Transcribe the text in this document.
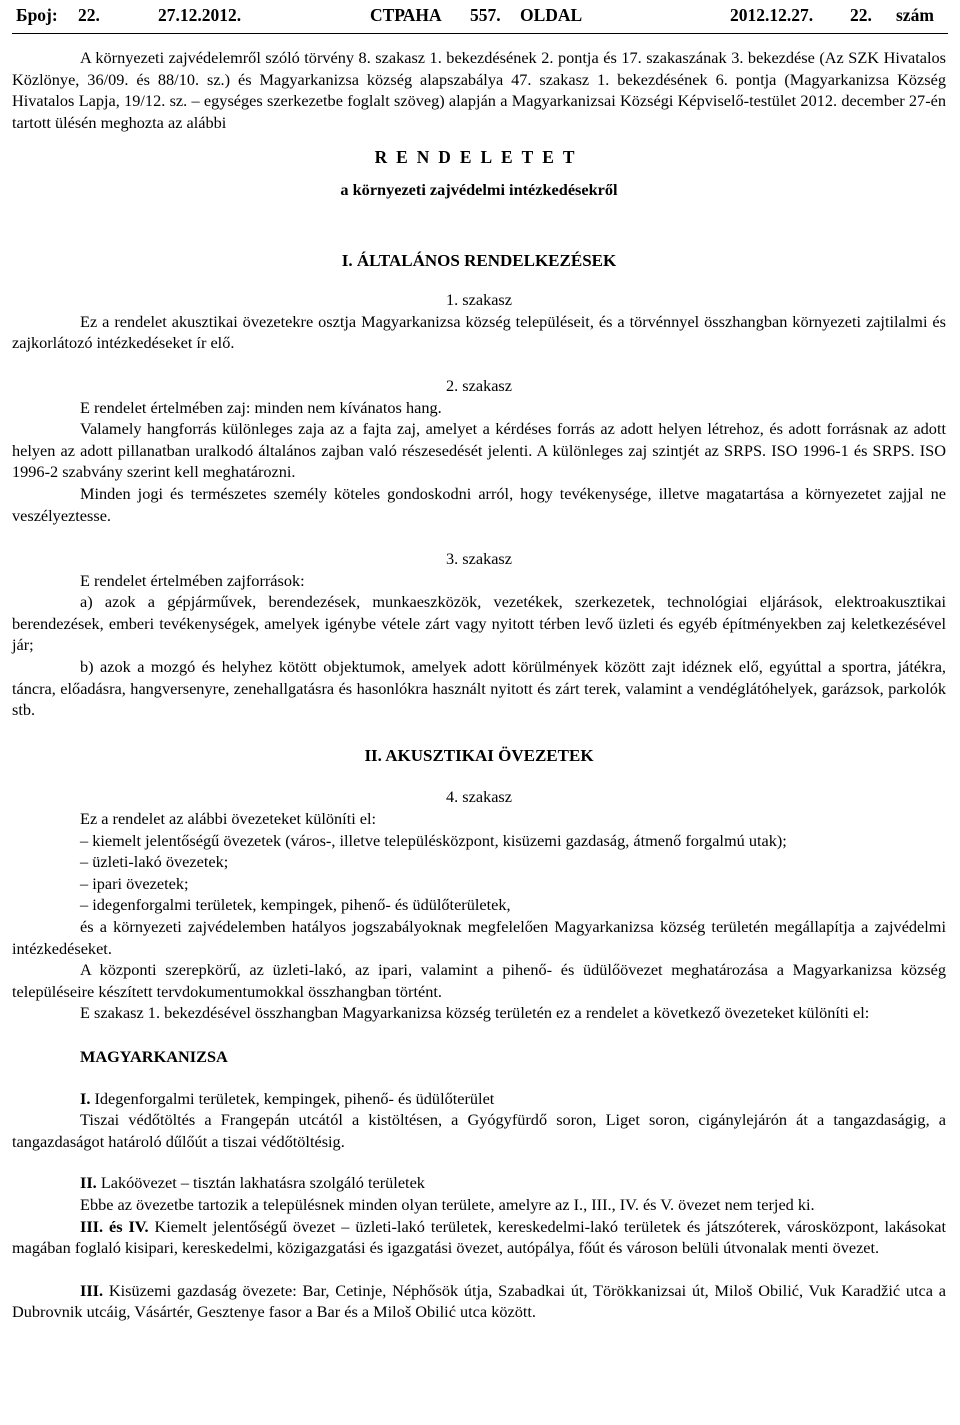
Број: 22.	27.12.2012.	СТРАНА 557. OLDAL	2012.12.27. 22. szám

A környezeti zajvédelemről szóló törvény 8. szakasz 1. bekezdésének 2. pontja és 17. szakaszának 3. bekezdése (Az SZK Hivatalos Közlönye, 36/09. és 88/10. sz.) és Magyarkanizsa község alapszabálya 47. szakasz 1. bekezdésének 6. pontja (Magyarkanizsa Község Hivatalos Lapja, 19/12. sz. – egységes szerkezetbe foglalt szöveg) alapján a Magyarkanizsai Községi Képviselő-testület 2012. december 27-én tartott ülésén meghozta az alábbi

RENDELETET

a környezeti zajvédelmi intézkedésekről

I. ÁLTALÁNOS RENDELKEZÉSEK

1. szakasz

Ez a rendelet akusztikai övezetekre osztja Magyarkanizsa község településeit, és a törvénnyel összhangban környezeti zajtilalmi és zajkorlátozó intézkedéseket ír elő.

2. szakasz

E rendelet értelmében zaj: minden nem kívánatos hang.

Valamely hangforrás különleges zaja az a fajta zaj, amelyet a kérdéses forrás az adott helyen létrehoz, és adott forrásnak az adott helyen az adott pillanatban uralkodó általános zajban való részesedését jelenti. A különleges zaj szintjét az SRPS. ISO 1996-1 és SRPS. ISO 1996-2 szabvány szerint kell meghatározni.

Minden jogi és természetes személy köteles gondoskodni arról, hogy tevékenysége, illetve magatartása a környezetet zajjal ne veszélyeztesse.

3. szakasz

E rendelet értelmében zajforrások:

a) azok a gépjárművek, berendezések, munkaeszközök, vezetékek, szerkezetek, technológiai eljárások, elektroakusztikai berendezések, emberi tevékenységek, amelyek igénybe vétele zárt vagy nyitott térben levő üzleti és egyéb építményekben zaj keletkezésével jár;

b) azok a mozgó és helyhez kötött objektumok, amelyek adott körülmények között zajt idéznek elő, egyúttal a sportra, játékra, táncra, előadásra, hangversenyre, zenehallgatásra és hasonlókra használt nyitott és zárt terek, valamint a vendéglátóhelyek, garázsok, parkolók stb.

II. AKUSZTIKAI ÖVEZETEK

4. szakasz

Ez a rendelet az alábbi övezeteket különíti el:

– kiemelt jelentőségű övezetek (város-, illetve településközpont, kisüzemi gazdaság, átmenő forgalmú utak);

– üzleti-lakó övezetek;

– ipari övezetek;

– idegenforgalmi területek, kempingek, pihenő- és üdülőterületek,

és a környezeti zajvédelemben hatályos jogszabályoknak megfelelően Magyarkanizsa község területén megállapítja a zajvédelmi intézkedéseket.

A központi szerepkörű, az üzleti-lakó, az ipari, valamint a pihenő- és üdülőövezet meghatározása a Magyarkanizsa község településeire készített tervdokumentumokkal összhangban történt.

E szakasz 1. bekezdésével összhangban Magyarkanizsa község területén ez a rendelet a következő övezeteket különíti el:

MAGYARKANIZSA

I. Idegenforgalmi területek, kempingek, pihenő- és üdülőterület

Tiszai védőtöltés a Frangepán utcától a kistöltésen, a Gyógyfürdő soron, Liget soron, cigánylejárón át a tangazdaságig, a tangazdaságot határoló dűlőút a tiszai védőtöltésig.

II. Lakóövezet – tisztán lakhatásra szolgáló területek

Ebbe az övezetbe tartozik a településnek minden olyan területe, amelyre az I., III., IV. és V. övezet nem terjed ki.

III. és IV. Kiemelt jelentőségű övezet – üzleti-lakó területek, kereskedelmi-lakó területek és játszóterek, városközpont, lakásokat magában foglaló kisipari, kereskedelmi, közigazgatási és igazgatási övezet, autópálya, főút és városon belüli útvonalak menti övezet.

III. Kisüzemi gazdaság övezete: Bar, Cetinje, Néphősök útja, Szabadkai út, Törökkanizsai út, Miloš Obilić, Vuk Karadžić utca a Dubrovnik utcáig, Vásártér, Gesztenye fasor a Bar és a Miloš Obilić utca között.
